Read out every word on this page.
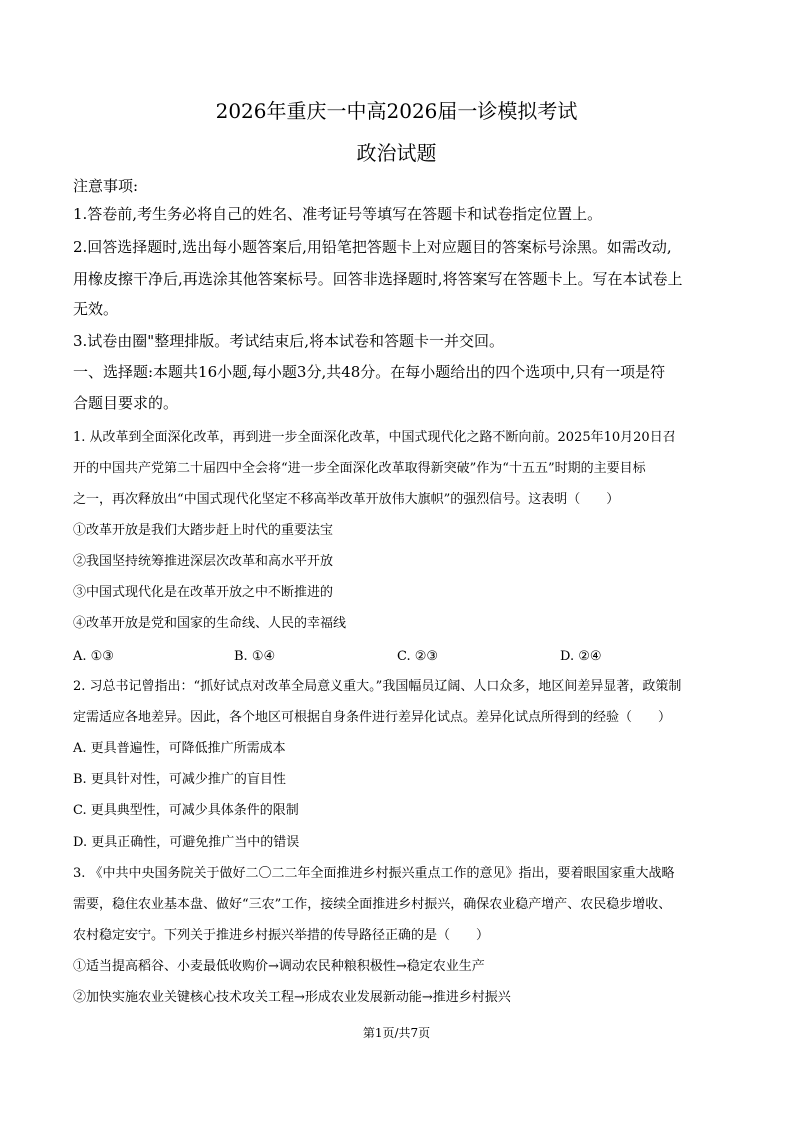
2026年重庆一中高2026届一诊模拟考试
政治试题
注意事项:
1.答卷前,考生务必将自己的姓名、准考证号等填写在答题卡和试卷指定位置上。
2.回答选择题时,选出每小题答案后,用铅笔把答题卡上对应题目的答案标号涂黑。如需改动,
用橡皮擦干净后,再选涂其他答案标号。回答非选择题时,将答案写在答题卡上。写在本试卷上
无效。
3.试卷由圈"整理排版。考试结束后,将本试卷和答题卡一并交回。
一、选择题:本题共16小题,每小题3分,共48分。在每小题给出的四个选项中,只有一项是符
合题目要求的。
1. 从改革到全面深化改革，再到进一步全面深化改革，中国式现代化之路不断向前。2025年10月20日召
开的中国共产党第二十届四中全会将“进一步全面深化改革取得新突破”作为“十五五”时期的主要目标
之一，再次释放出“中国式现代化坚定不移高举改革开放伟大旗帜”的强烈信号。这表明（　　）
①改革开放是我们大踏步赶上时代的重要法宝
②我国坚持统筹推进深层次改革和高水平开放
③中国式现代化是在改革开放之中不断推进的
④改革开放是党和国家的生命线、人民的幸福线
A. ①③	B. ①④	C. ②③	D. ②④
2. 习总书记曾指出：“抓好试点对改革全局意义重大。”我国幅员辽阔、人口众多，地区间差异显著，政策制
定需适应各地差异。因此，各个地区可根据自身条件进行差异化试点。差异化试点所得到的经验（　　）
A. 更具普遍性，可降低推广所需成本
B. 更具针对性，可减少推广的盲目性
C. 更具典型性，可减少具体条件的限制
D. 更具正确性，可避免推广当中的错误
3. 《中共中央国务院关于做好二〇二二年全面推进乡村振兴重点工作的意见》指出，要着眼国家重大战略
需要，稳住农业基本盘、做好“三农”工作，接续全面推进乡村振兴，确保农业稳产增产、农民稳步增收、
农村稳定安宁。下列关于推进乡村振兴举措的传导路径正确的是（　　）
①适当提高稻谷、小麦最低收购价→调动农民种粮积极性→稳定农业生产
②加快实施农业关键核心技术攻关工程→形成农业发展新动能→推进乡村振兴
第1页/共7页
